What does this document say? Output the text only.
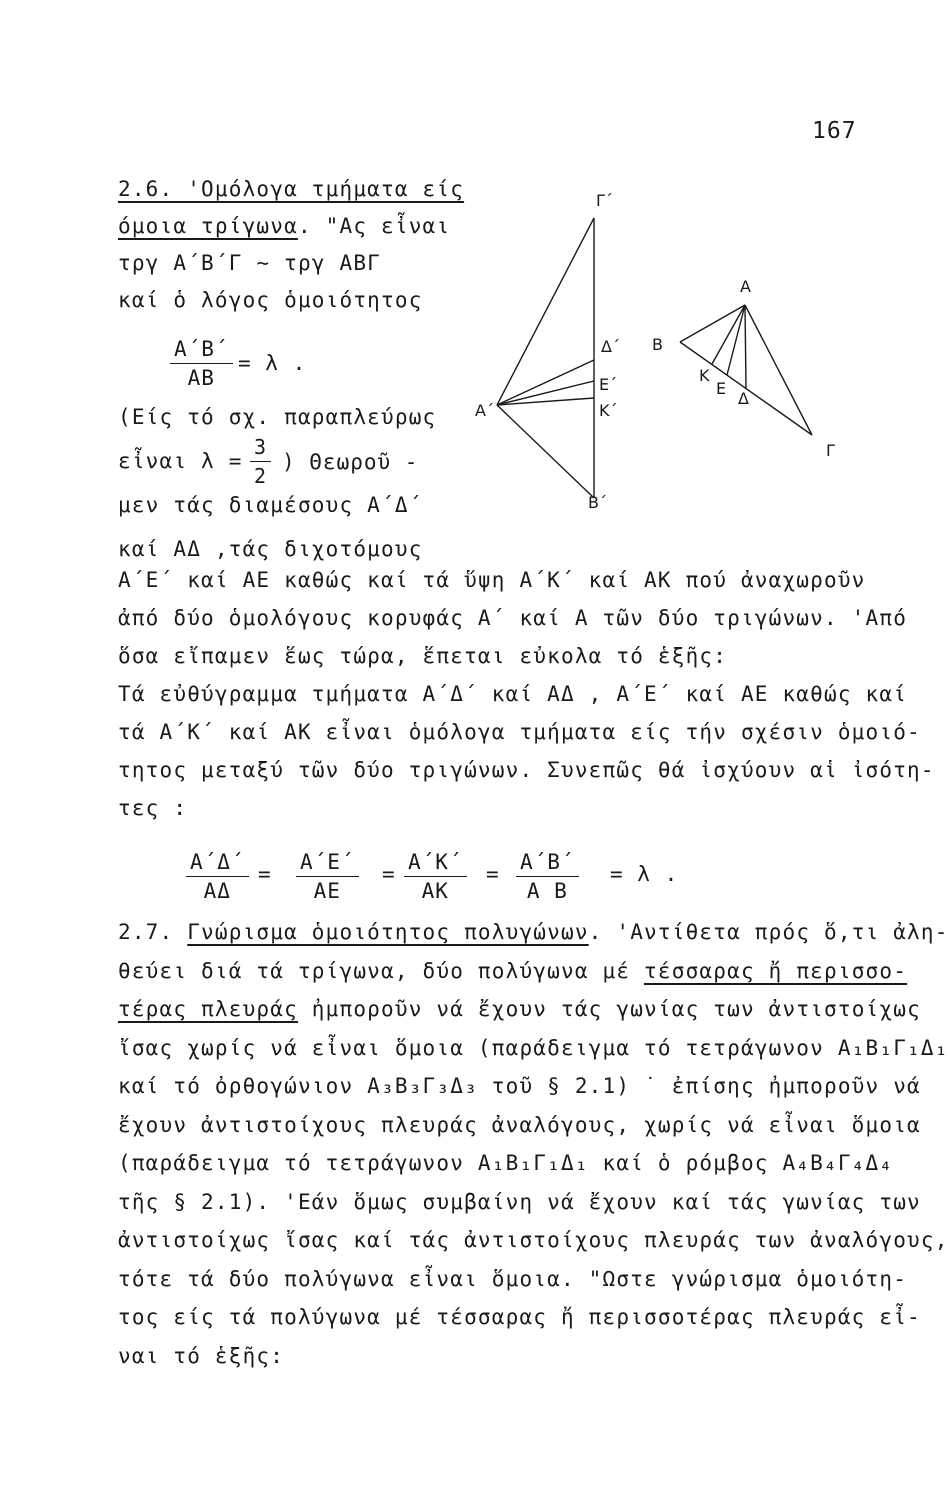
167
2.6. 'Ομόλογα τμήματα είς
όμοια τρίγωνα. "Ας εἶναι
τργ Α΄Β΄Γ ∼ τργ ΑΒΓ
καί ὁ λόγος ὁμοιότητος
$\frac{A΄B΄}{AB} = \lambda$ .
(Είς τό σχ. παραπλεύρως
εἶναι λ =
μεν τάς διαμέσους Α΄Δ΄
καί ΑΔ ,τάς διχοτόμους
$\frac{3}{2}$ ) Θεωροῦ -
Α΄Ε΄ καί ΑΕ καθώς καί τά ὕψη Α΄Κ΄ καί ΑΚ πού ἀναχωροῦν
ἀπό δύο ὁμολόγους κορυφάς Α΄ καί Α τῶν δύο τριγώνων. 'Από
ὅσα εἴπαμεν ἕως τώρα, ἕπεται εὐκολα τό ἑξῆς:
Τά εὐθύγραμμα τμήματα Α΄Δ΄ καί ΑΔ , Α΄Ε΄ καί ΑΕ καθώς καί
τά Α΄Κ΄ καί ΑΚ εἶναι ὁμόλογα τμήματα είς τήν σχέσιν ὁμοιό-
τητος μεταξύ τῶν δύο τριγώνων. Συνεπῶς θά ἰσχύουν αἱ ἰσότη-
τες :
$\frac{A΄\Delta΄}{A\Delta} = \frac{A΄E΄}{AE} = \frac{A΄K΄}{AK} = \frac{A΄B΄}{\text{Α Β}} = \lambda$ .
2.7. Γνώρισμα ὁμοιότητος πολυγώνων. 'Αντίθετα πρός ὅ,τι ἀλη-
θεύει διά τά τρίγωνα, δύο πολύγωνα μέ τέσσαρας ἤ περισσο-
τέρας πλευράς ἠμποροῦν νά ἔχουν τάς γωνίας των ἀντιστοίχως
ἴσας χωρίς νά εἶναι ὅμοια (παράδειγμα τό τετράγωνον Α₁Β₁Γ₁Δ₁
καί τό ὀρθογώνιον Α₃Β₃Γ₃Δ₃ τοῦ § 2.1) ˙ ἐπίσης ἠμποροῦν νά
ἔχουν ἀντιστοίχους πλευράς ἀναλόγους, χωρίς νά εἶναι ὅμοια
(παράδειγμα τό τετράγωνον Α₁Β₁Γ₁Δ₁ καί ὁ ρόμβος Α₄Β₄Γ₄Δ₄
τῆς § 2.1). 'Εάν ὅμως συμβαίνη νά ἔχουν καί τάς γωνίας των
ἀντιστοίχως ἴσας καί τάς ἀντιστοίχους πλευράς των ἀναλόγους,
τότε τά δύο πολύγωνα εἶναι ὅμοια. "Ωστε γνώρισμα ὁμοιότη-
τος είς τά πολύγωνα μέ τέσσαρας ἤ περισσοτέρας πλευράς εἶ-
ναι τό ἑξῆς:
Γ΄
Α΄
Δ΄
Ε΄
Κ΄
Β΄
Α
Β
Γ
Κ
Ε
Δ
